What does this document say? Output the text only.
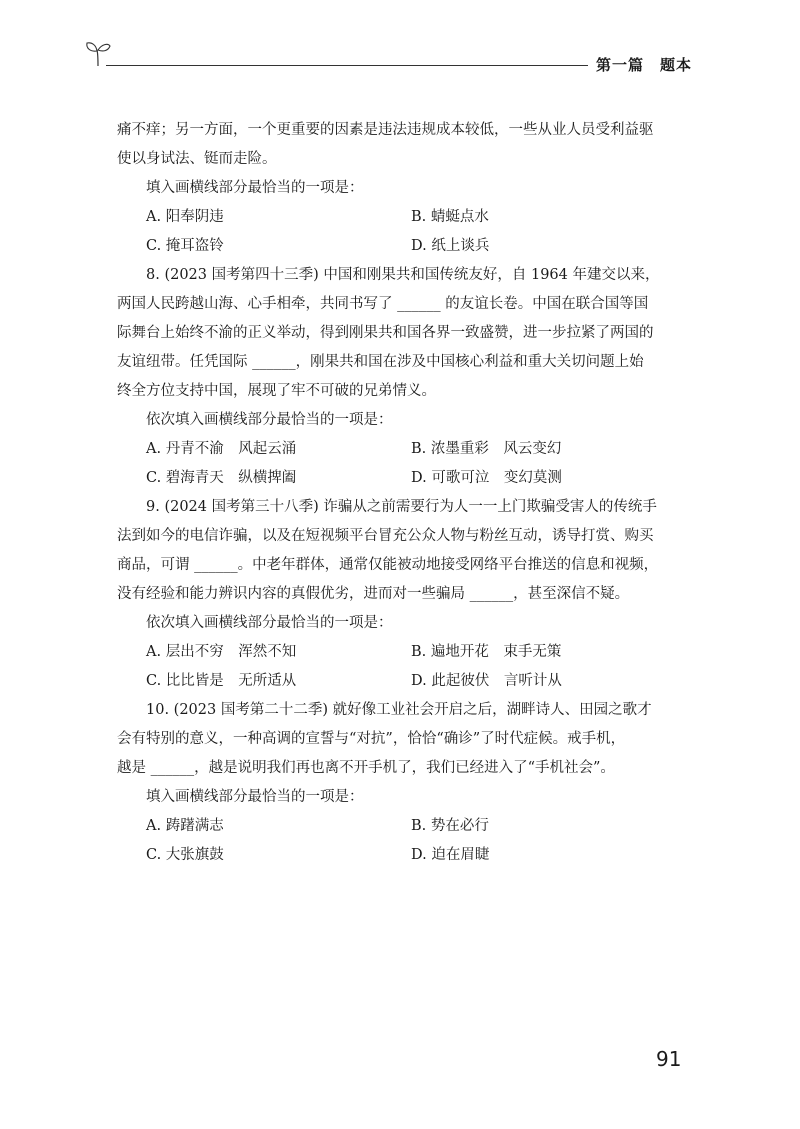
第一篇　题本

痛不痒；另一方面，一个更重要的因素是违法违规成本较低，一些从业人员受利益驱

使以身试法、铤而走险。

填入画横线部分最恰当的一项是：

A. 阳奉阴违	B. 蜻蜓点水
C. 掩耳盗铃	D. 纸上谈兵

8. (2023 国考第四十三季) 中国和刚果共和国传统友好，自 1964 年建交以来，

两国人民跨越山海、心手相牵，共同书写了 ______ 的友谊长卷。中国在联合国等国

际舞台上始终不渝的正义举动，得到刚果共和国各界一致盛赞，进一步拉紧了两国的

友谊纽带。任凭国际 ______，刚果共和国在涉及中国核心利益和重大关切问题上始

终全方位支持中国，展现了牢不可破的兄弟情义。

依次填入画横线部分最恰当的一项是：

A. 丹青不渝　风起云涌	B. 浓墨重彩　风云变幻
C. 碧海青天　纵横捭阖	D. 可歌可泣　变幻莫测

9. (2024 国考第三十八季) 诈骗从之前需要行为人一一上门欺骗受害人的传统手

法到如今的电信诈骗，以及在短视频平台冒充公众人物与粉丝互动，诱导打赏、购买

商品，可谓 ______。中老年群体，通常仅能被动地接受网络平台推送的信息和视频，

没有经验和能力辨识内容的真假优劣，进而对一些骗局 ______，甚至深信不疑。

依次填入画横线部分最恰当的一项是：

A. 层出不穷　浑然不知	B. 遍地开花　束手无策
C. 比比皆是　无所适从	D. 此起彼伏　言听计从

10. (2023 国考第二十二季) 就好像工业社会开启之后，湖畔诗人、田园之歌才

会有特别的意义，一种高调的宣誓与“对抗”，恰恰“确诊”了时代症候。戒手机，

越是 ______，越是说明我们再也离不开手机了，我们已经进入了“手机社会”。

填入画横线部分最恰当的一项是：

A. 踌躇满志	B. 势在必行
C. 大张旗鼓	D. 迫在眉睫
91
